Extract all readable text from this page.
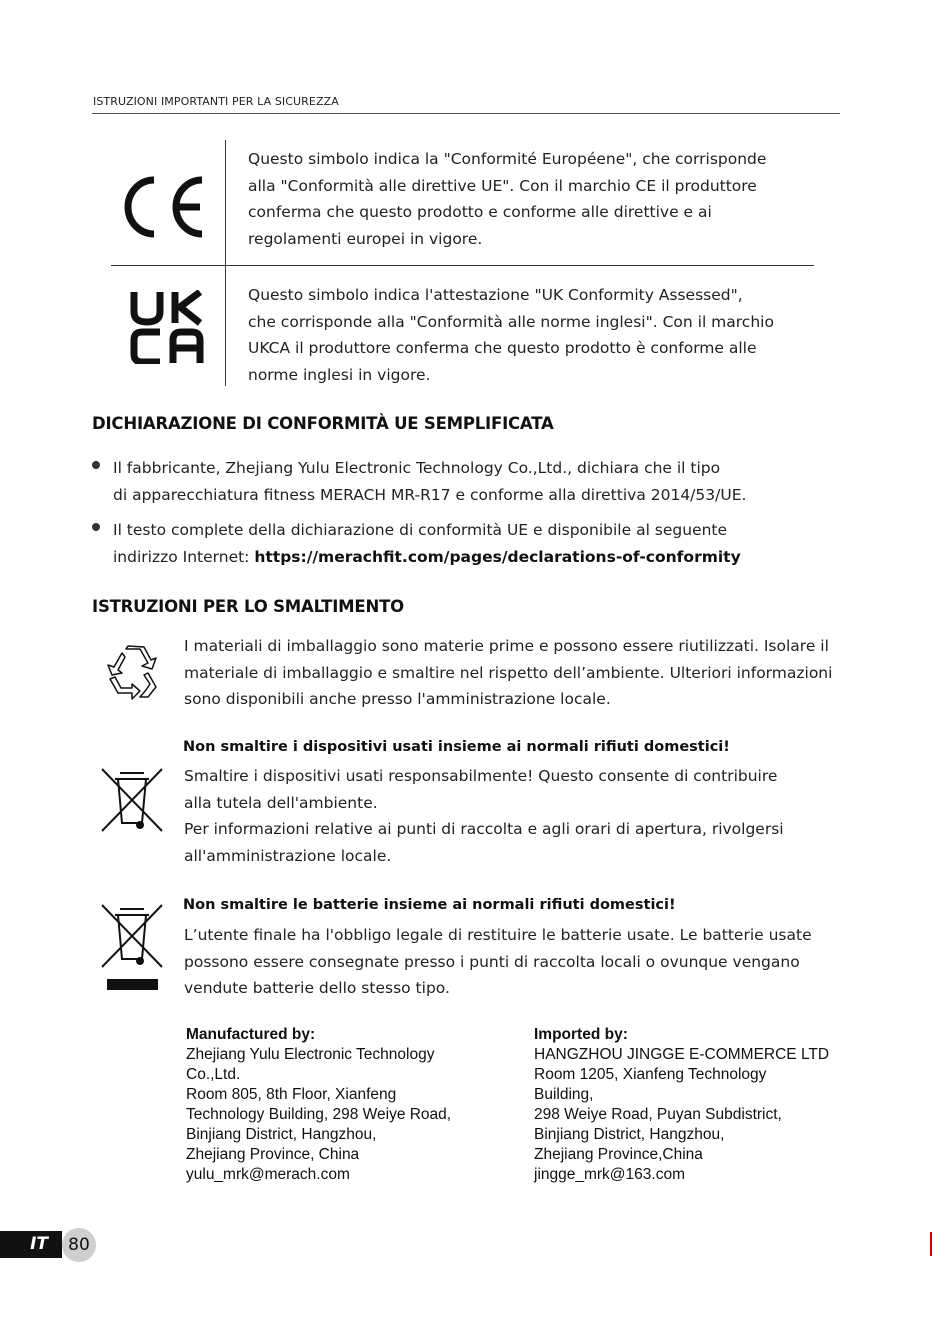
ISTRUZIONI IMPORTANTI PER LA SICUREZZA

Questo simbolo indica la "Conformité Européene", che corrisponde

alla "Conformità alle direttive UE". Con il marchio CE il produttore

conferma che questo prodotto e conforme alle direttive e ai

regolamenti europei in vigore.

Questo simbolo indica l'attestazione "UK Conformity Assessed",

che corrisponde alla "Conformità alle norme inglesi". Con il marchio

UKCA il produttore conferma che questo prodotto è conforme alle

norme inglesi in vigore.

DICHIARAZIONE DI CONFORMITÀ UE SEMPLIFICATA

Il fabbricante, Zhejiang Yulu Electronic Technology Co.,Ltd., dichiara che il tipo

di apparecchiatura fitness MERACH MR-R17 e conforme alla direttiva 2014/53/UE.

Il testo complete della dichiarazione di conformità UE e disponibile al seguente

indirizzo Internet: https://merachfit.com/pages/declarations-of-conformity

ISTRUZIONI PER LO SMALTIMENTO

I materiali di imballaggio sono materie prime e possono essere riutilizzati. Isolare il

materiale di imballaggio e smaltire nel rispetto dell’ambiente. Ulteriori informazioni

sono disponibili anche presso l'amministrazione locale.

Non smaltire i dispositivi usati insieme ai normali rifiuti domestici!

Smaltire i dispositivi usati responsabilmente! Questo consente di contribuire

alla tutela dell'ambiente.

Per informazioni relative ai punti di raccolta e agli orari di apertura, rivolgersi

all'amministrazione locale.

Non smaltire le batterie insieme ai normali rifiuti domestici!

L’utente finale ha l'obbligo legale di restituire le batterie usate. Le batterie usate

possono essere consegnate presso i punti di raccolta locali o ovunque vengano

vendute batterie dello stesso tipo.

Manufactured by:

Zhejiang Yulu Electronic Technology

Co.,Ltd.

Room 805, 8th Floor, Xianfeng

Technology Building, 298 Weiye Road,

Binjiang District, Hangzhou,

Zhejiang Province, China

yulu_mrk@merach.com

Imported by:

HANGZHOU JINGGE E-COMMERCE LTD

Room 1205, Xianfeng Technology

Building,

298 Weiye Road, Puyan Subdistrict,

Binjiang District, Hangzhou,

Zhejiang Province,China

jingge_mrk@163.com

IT	80
